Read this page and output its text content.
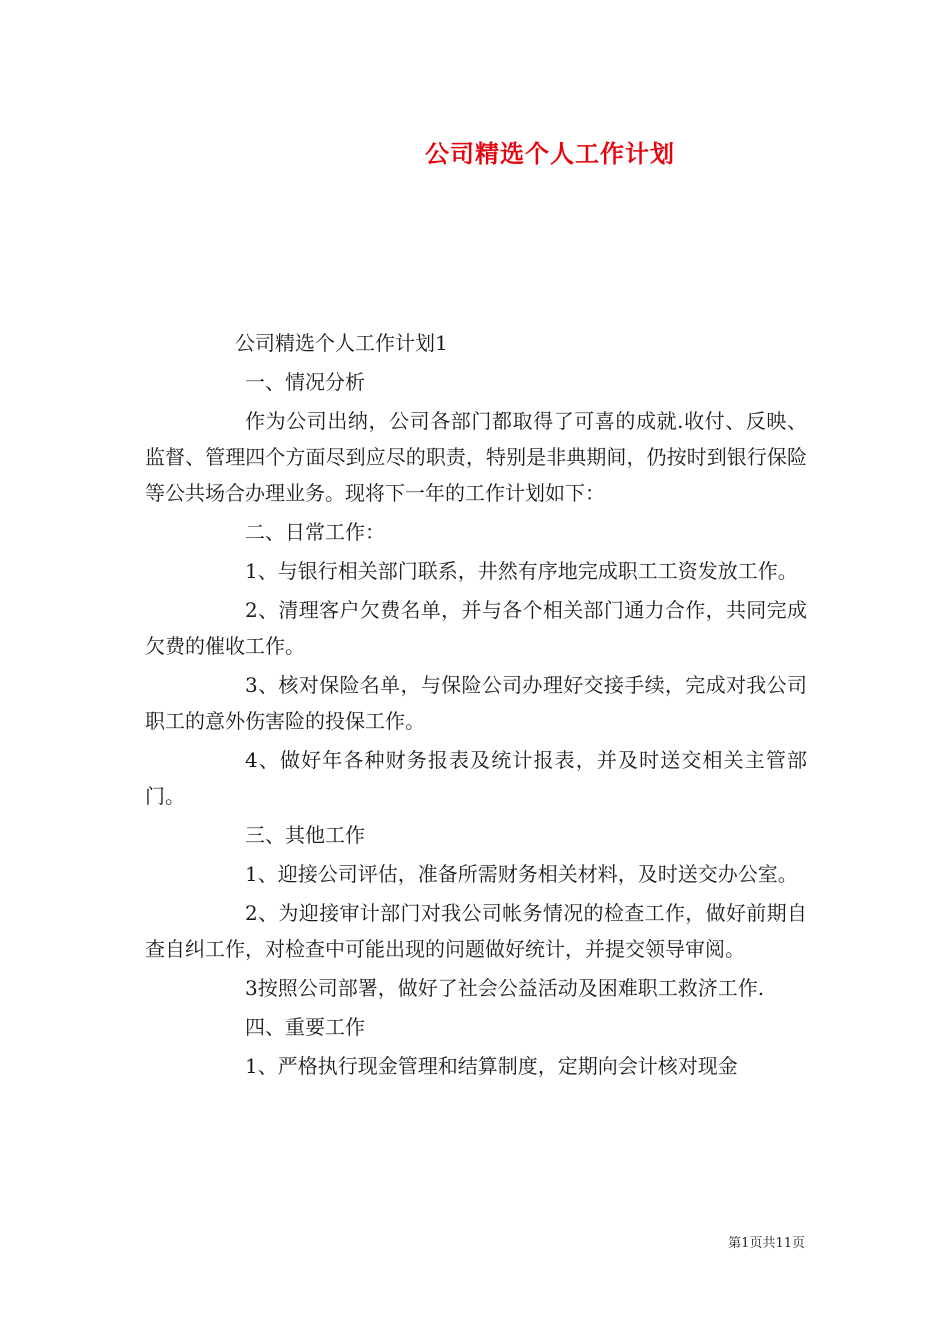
公司精选个人工作计划

公司精选个人工作计划1

一、情况分析

作为公司出纳，公司各部门都取得了可喜的成就.收付、反映、监督、管理四个方面尽到应尽的职责，特别是非典期间，仍按时到银行保险等公共场合办理业务。现将下一年的工作计划如下：

二、日常工作：

1、与银行相关部门联系，井然有序地完成职工工资发放工作。

2、清理客户欠费名单，并与各个相关部门通力合作，共同完成欠费的催收工作。

3、核对保险名单，与保险公司办理好交接手续，完成对我公司职工的意外伤害险的投保工作。

4、做好年各种财务报表及统计报表，并及时送交相关主管部门。

三、其他工作

1、迎接公司评估，准备所需财务相关材料，及时送交办公室。

2、为迎接审计部门对我公司帐务情况的检查工作，做好前期自查自纠工作，对检查中可能出现的问题做好统计，并提交领导审阅。

3按照公司部署，做好了社会公益活动及困难职工救济工作.

四、重要工作

1、严格执行现金管理和结算制度，定期向会计核对现金

第1页共11页
